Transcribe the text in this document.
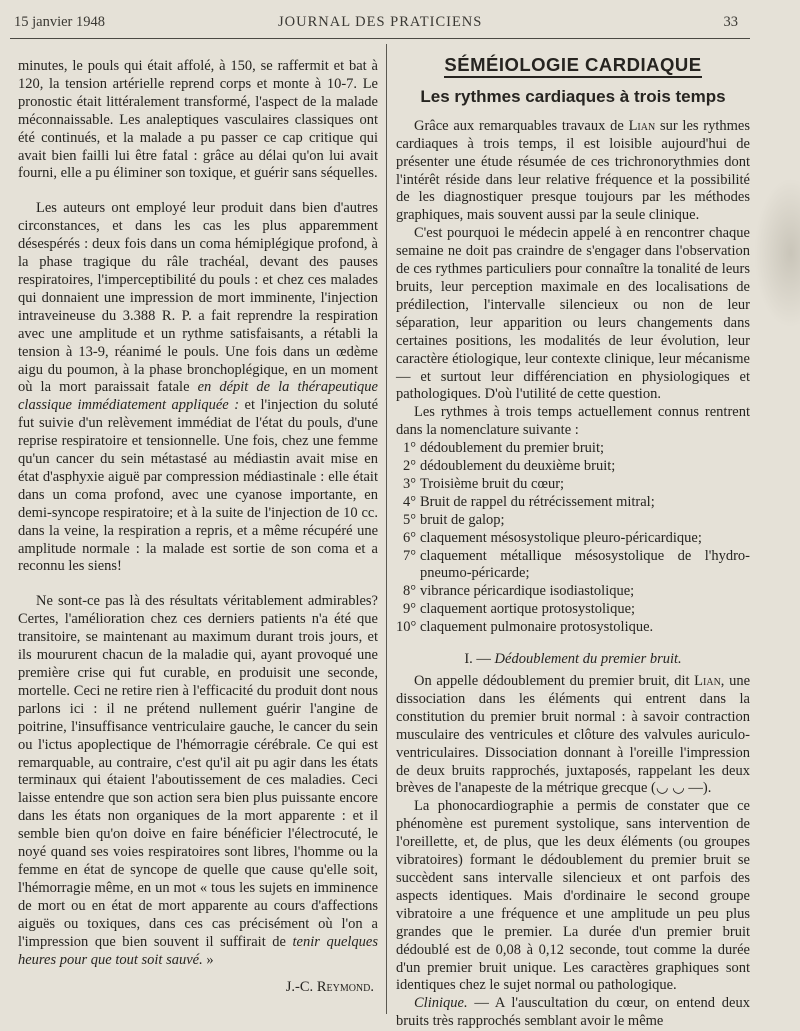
15 janvier 1948	JOURNAL DES PRATICIENS	33

minutes, le pouls qui était affolé, à 150, se raffermit et bat à 120, la tension artérielle reprend corps et monte à 10-7. Le pronostic était littéralement transformé, l'aspect de la malade méconnaissable. Les analeptiques vasculaires classiques ont été continués, et la malade a pu passer ce cap critique qui avait bien failli lui être fatal : grâce au délai qu'on lui avait fourni, elle a pu éliminer son toxique, et guérir sans séquelles.

Les auteurs ont employé leur produit dans bien d'autres circonstances, et dans les cas les plus apparemment désespérés : deux fois dans un coma hémiplégique profond, à la phase tragique du râle trachéal, devant des pauses respiratoires, l'imperceptibilité du pouls : et chez ces malades qui donnaient une impression de mort imminente, l'injection intraveineuse du 3.388 R. P. a fait reprendre la respiration avec une amplitude et un rythme satisfaisants, a rétabli la tension à 13-9, réanimé le pouls. Une fois dans un œdème aigu du poumon, à la phase bronchoplégique, en un moment où la mort paraissait fatale en dépit de la thérapeutique classique immédiatement appliquée : et l'injection du soluté fut suivie d'un relèvement immédiat de l'état du pouls, d'une reprise respiratoire et tensionnelle. Une fois, chez une femme qu'un cancer du sein métastasé au médiastin avait mise en état d'asphyxie aiguë par compression médiastinale : elle était dans un coma profond, avec une cyanose importante, en demi-syncope respiratoire; et à la suite de l'injection de 10 cc. dans la veine, la respiration a repris, et a même récupéré une amplitude normale : la malade est sortie de son coma et a reconnu les siens!

Ne sont-ce pas là des résultats véritablement admirables? Certes, l'amélioration chez ces derniers patients n'a été que transitoire, se maintenant au maximum durant trois jours, et ils moururent chacun de la maladie qui, ayant provoqué une première crise qui fut curable, en produisit une seconde, mortelle. Ceci ne retire rien à l'efficacité du produit dont nous parlons ici : il ne prétend nullement guérir l'angine de poitrine, l'insuffisance ventriculaire gauche, le cancer du sein ou l'ictus apoplectique de l'hémorragie cérébrale. Ce qui est remarquable, au contraire, c'est qu'il ait pu agir dans les états terminaux qui étaient l'aboutissement de ces maladies. Ceci laisse entendre que son action sera bien plus puissante encore dans les états non organiques de la mort apparente : et il semble bien qu'on doive en faire bénéficier l'électrocuté, le noyé quand ses voies respiratoires sont libres, l'homme ou la femme en état de syncope de quelle que cause qu'elle soit, l'hémorragie même, en un mot « tous les sujets en imminence de mort ou en état de mort apparente au cours d'affections aiguës ou toxiques, dans ces cas précisément où l'on a l'impression que bien souvent il suffirait de tenir quelques heures pour que tout soit sauvé. »

J.-C. Reymond.
SÉMÉIOLOGIE CARDIAQUE
Les rythmes cardiaques à trois temps

Grâce aux remarquables travaux de Lian sur les rythmes cardiaques à trois temps, il est loisible aujourd'hui de présenter une étude résumée de ces trichronorythmies dont l'intérêt réside dans leur relative fréquence et la possibilité de les diagnostiquer presque toujours par les méthodes graphiques, mais souvent aussi par la seule clinique.

C'est pourquoi le médecin appelé à en rencontrer chaque semaine ne doit pas craindre de s'engager dans l'observation de ces rythmes particuliers pour connaître la tonalité de leurs bruits, leur perception maximale en des localisations de prédilection, l'intervalle silencieux ou non de leur séparation, leur apparition ou leurs changements dans certaines positions, les modalités de leur évolution, leur caractère étiologique, leur contexte clinique, leur mécanisme — et surtout leur différenciation en physiologiques et pathologiques. D'où l'utilité de cette question.

Les rythmes à trois temps actuellement connus rentrent dans la nomenclature suivante :

1° dédoublement du premier bruit;
2° dédoublement du deuxième bruit;
3° Troisième bruit du cœur;
4° Bruit de rappel du rétrécissement mitral;
5° bruit de galop;
6° claquement mésosystolique pleuro-péricardique;
7° claquement métallique mésosystolique de l'hydro-pneumo-péricarde;
8° vibrance péricardique isodiastolique;
9° claquement aortique protosystolique;
10° claquement pulmonaire protosystolique.
I. — Dédoublement du premier bruit.

On appelle dédoublement du premier bruit, dit Lian, une dissociation dans les éléments qui entrent dans la constitution du premier bruit normal : à savoir contraction musculaire des ventricules et clôture des valvules auriculo-ventriculaires. Dissociation donnant à l'oreille l'impression de deux bruits rapprochés, juxtaposés, rappelant les deux brèves de l'anapeste de la métrique grecque (◡ ◡ —).

La phonocardiographie a permis de constater que ce phénomène est purement systolique, sans intervention de l'oreillette, et, de plus, que les deux éléments (ou groupes vibratoires) formant le dédoublement du premier bruit se succèdent sans intervalle silencieux et ont parfois des aspects identiques. Mais d'ordinaire le second groupe vibratoire a une fréquence et une amplitude un peu plus grandes que le premier. La durée d'un premier bruit dédoublé est de 0,08 à 0,12 seconde, tout comme la durée d'un premier bruit unique. Les caractères graphiques sont identiques chez le sujet normal ou pathologique.

Clinique. — A l'auscultation du cœur, on entend deux bruits très rapprochés semblant avoir le même
